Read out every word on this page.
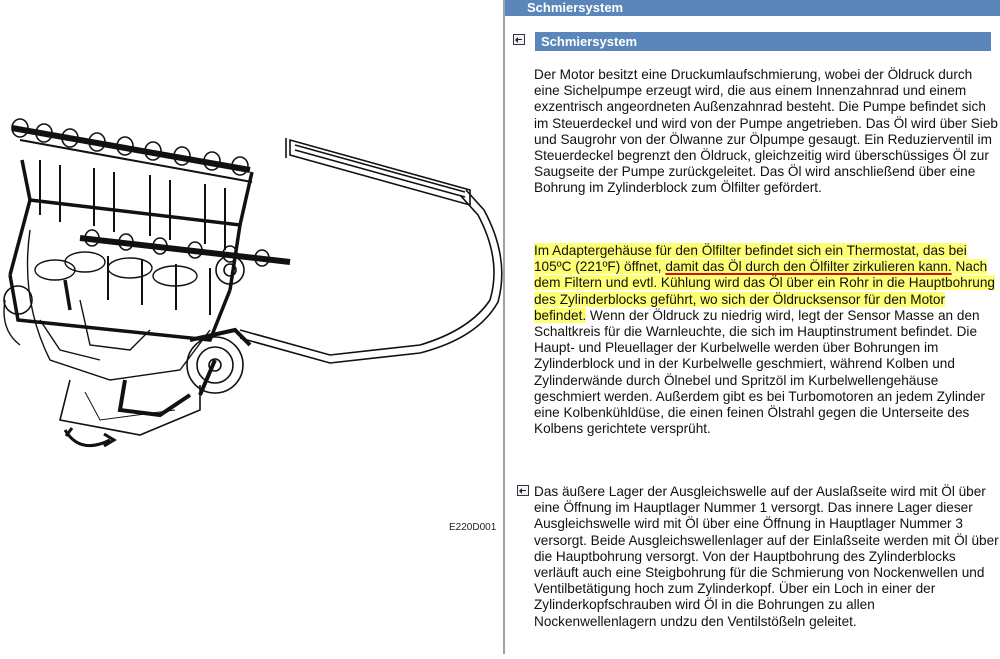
E220D001
Schmiersystem
Schmiersystem
Der Motor besitzt eine Druckumlaufschmierung, wobei der Öldruck durch eine Sichelpumpe erzeugt wird, die aus einem Innenzahnrad und einem exzentrisch angeordneten Außenzahnrad besteht. Die Pumpe befindet sich im Steuerdeckel und wird von der Pumpe angetrieben. Das Öl wird über Sieb und Saugrohr von der Ölwanne zur Ölpumpe gesaugt. Ein Reduzierventil im Steuerdeckel begrenzt den Öldruck, gleichzeitig wird überschüssiges Öl zur Saugseite der Pumpe zurückgeleitet. Das Öl wird anschließend über eine Bohrung im Zylinderblock zum Ölfilter gefördert.
Im Adaptergehäuse für den Ölfilter befindet sich ein Thermostat, das bei 105ºC (221ºF) öffnet, damit das Öl durch den Ölfilter zirkulieren kann. Nach dem Filtern und evtl. Kühlung wird das Öl über ein Rohr in die Hauptbohrung des Zylinderblocks geführt, wo sich der Öldrucksensor für den Motor befindet. Wenn der Öldruck zu niedrig wird, legt der Sensor Masse an den Schaltkreis für die Warnleuchte, die sich im Hauptinstrument befindet. Die Haupt- und Pleuellager der Kurbelwelle werden über Bohrungen im Zylinderblock und in der Kurbelwelle geschmiert, während Kolben und Zylinderwände durch Ölnebel und Spritzöl im Kurbelwellengehäuse geschmiert werden. Außerdem gibt es bei Turbomotoren an jedem Zylinder eine Kolbenkühldüse, die einen feinen Ölstrahl gegen die Unterseite des Kolbens gerichtete versprüht.
Das äußere Lager der Ausgleichswelle auf der Auslaßseite wird mit Öl über eine Öffnung im Hauptlager Nummer 1 versorgt. Das innere Lager dieser Ausgleichswelle wird mit Öl über eine Öffnung in Hauptlager Nummer 3 versorgt. Beide Ausgleichswellenlager auf der Einlaßseite werden mit Öl über die Hauptbohrung versorgt. Von der Hauptbohrung des Zylinderblocks verläuft auch eine Steigbohrung für die Schmierung von Nockenwellen und Ventilbetätigung hoch zum Zylinderkopf. Über ein Loch in einer der Zylinderkopfschrauben wird Öl in die Bohrungen zu allen Nockenwellenlagern undzu den Ventilstößeln geleitet.
